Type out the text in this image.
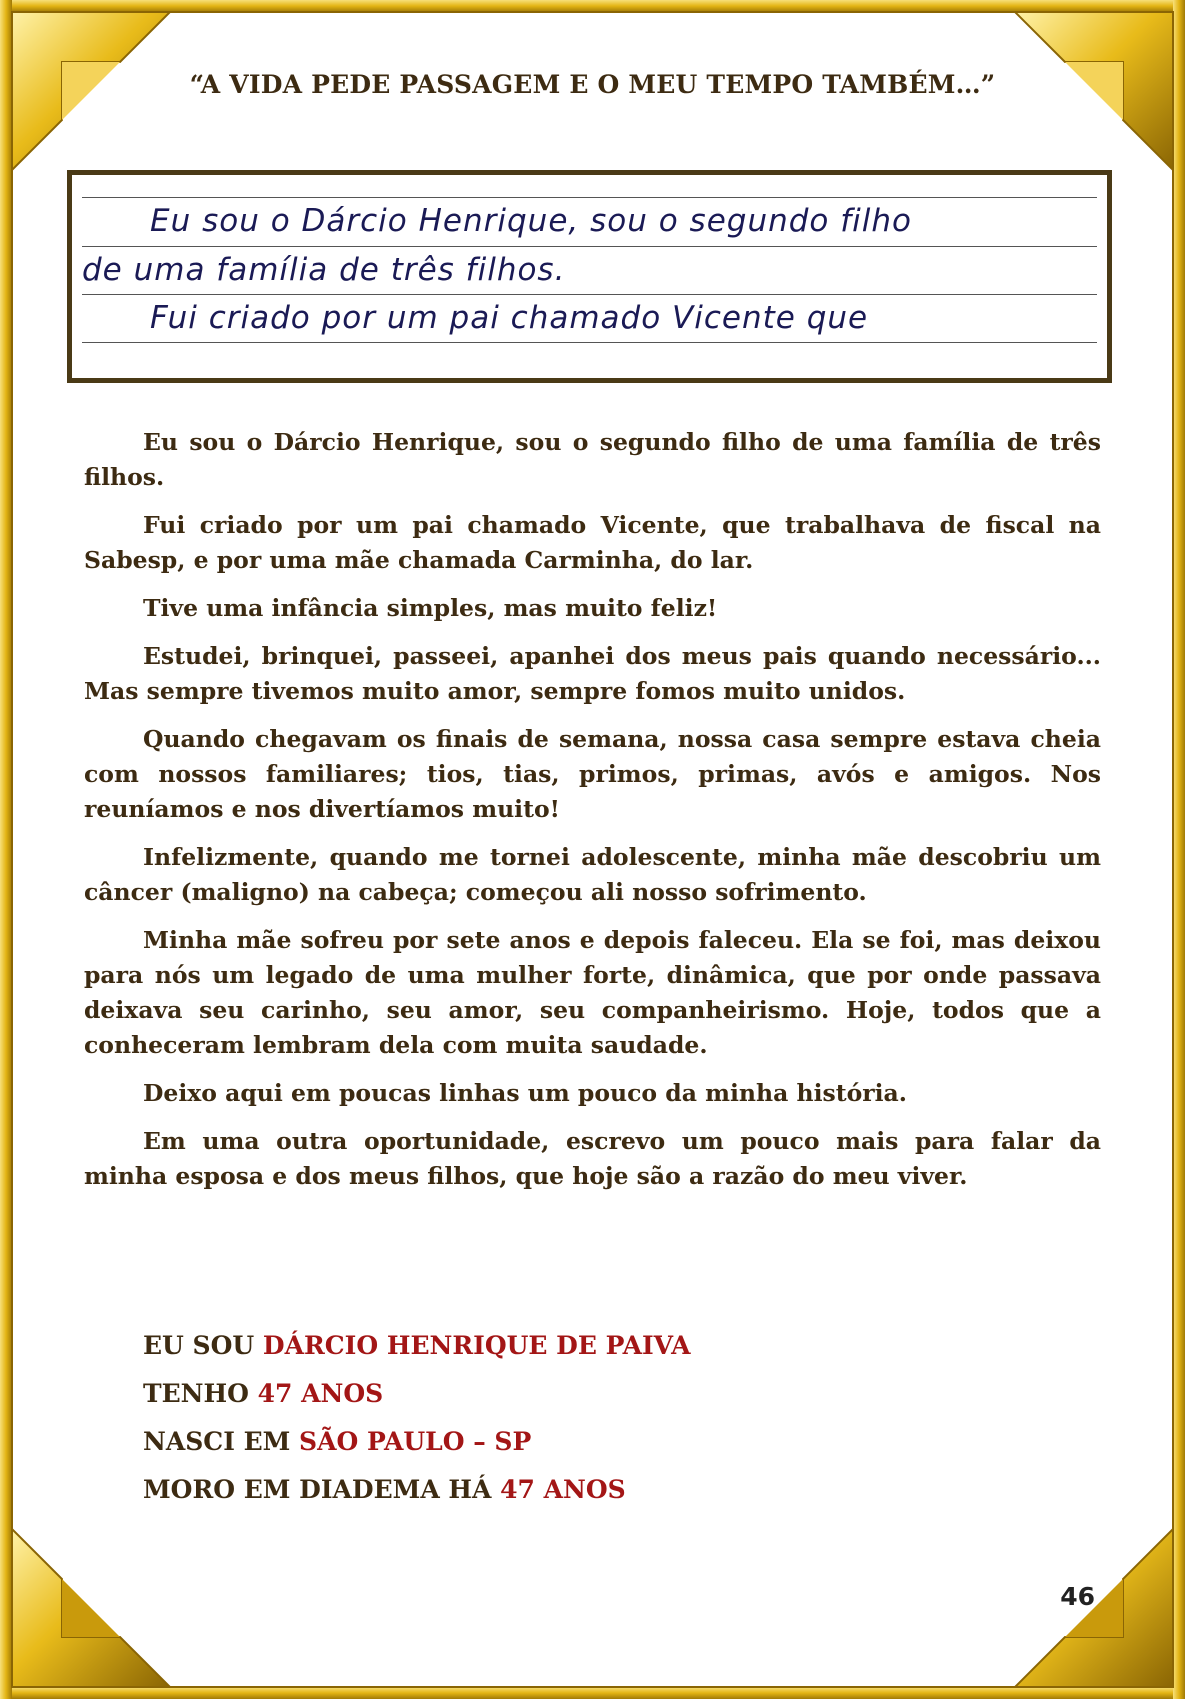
“A VIDA PEDE PASSAGEM E O MEU TEMPO TAMBÉM…”
Eu sou o Dárcio Henrique, sou o segundo filho
de uma família de três filhos.
Fui criado por um pai chamado Vicente que

Eu sou o Dárcio Henrique, sou o segundo filho de uma família de três filhos.

Fui criado por um pai chamado Vicente, que trabalhava de fiscal na Sabesp, e por uma mãe chamada Carminha, do lar.

Tive uma infância simples, mas muito feliz!

Estudei, brinquei, passeei, apanhei dos meus pais quando necessário... Mas sempre tivemos muito amor, sempre fomos muito unidos.

Quando chegavam os finais de semana, nossa casa sempre estava cheia com nossos familiares; tios, tias, primos, primas, avós e amigos. Nos reuníamos e nos divertíamos muito!

Infelizmente, quando me tornei adolescente, minha mãe descobriu um câncer (maligno) na cabeça; começou ali nosso sofrimento.

Minha mãe sofreu por sete anos e depois faleceu. Ela se foi, mas deixou para nós um legado de uma mulher forte, dinâmica, que por onde passava deixava seu carinho, seu amor, seu companheirismo. Hoje, todos que a conheceram lembram dela com muita saudade.

Deixo aqui em poucas linhas um pouco da minha história.

Em uma outra oportunidade, escrevo um pouco mais para falar da minha esposa e dos meus filhos, que hoje são a razão do meu viver.

EU SOU DÁRCIO HENRIQUE DE PAIVA
TENHO 47 ANOS
NASCI EM SÃO PAULO – SP
MORO EM DIADEMA HÁ 47 ANOS
46
